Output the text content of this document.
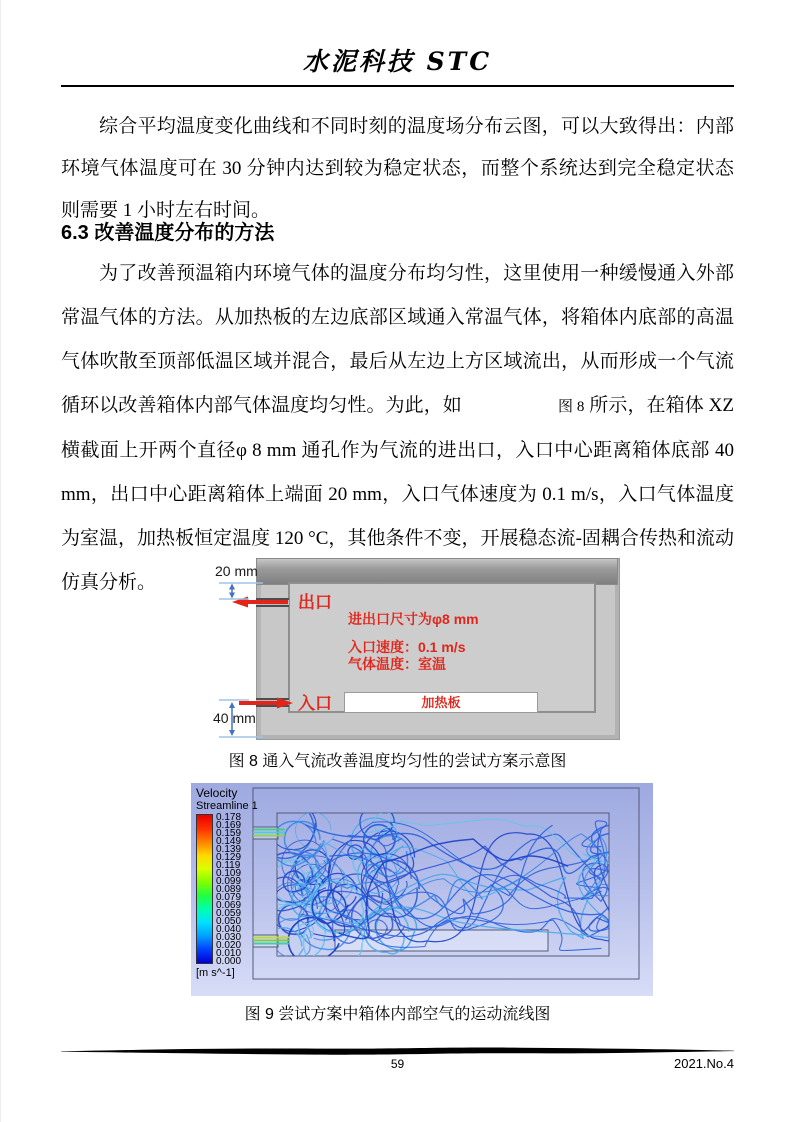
水泥科技 STC

综合平均温度变化曲线和不同时刻的温度场分布云图，可以大致得出：内部环境气体温度可在 30 分钟内达到较为稳定状态，而整个系统达到完全稳定状态则需要 1 小时左右时间。

6.3 改善温度分布的方法

为了改善预温箱内环境气体的温度分布均匀性，这里使用一种缓慢通入外部常温气体的方法。从加热板的左边底部区域通入常温气体，将箱体内底部的高温气体吹散至顶部低温区域并混合，最后从左边上方区域流出，从而形成一个气流循环以改善箱体内部气体温度均匀性。为此，如	图 8 所示，在箱体 XZ 横截面上开两个直径φ 8 mm 通孔作为气流的进出口，入口中心距离箱体底部 40 mm，出口中心距离箱体上端面 20 mm，入口气体速度为 0.1 m/s，入口气体温度为室温，加热板恒定温度 120 °C，其他条件不变，开展稳态流-固耦合传热和流动仿真分析。

20 mm
40 mm
出口
入口
进出口尺寸为φ8 mm
入口速度：0.1 m/s
气体温度：室温
加热板
图 8 通入气流改善温度均匀性的尝试方案示意图
Velocity
Streamline 1
0.178
0.169
0.159
0.149
0.139
0.129
0.119
0.109
0.099
0.089
0.079
0.069
0.059
0.050
0.040
0.030
0.020
0.010
0.000
[m s^-1]
图 9 尝试方案中箱体内部空气的运动流线图
59	2021.No.4
